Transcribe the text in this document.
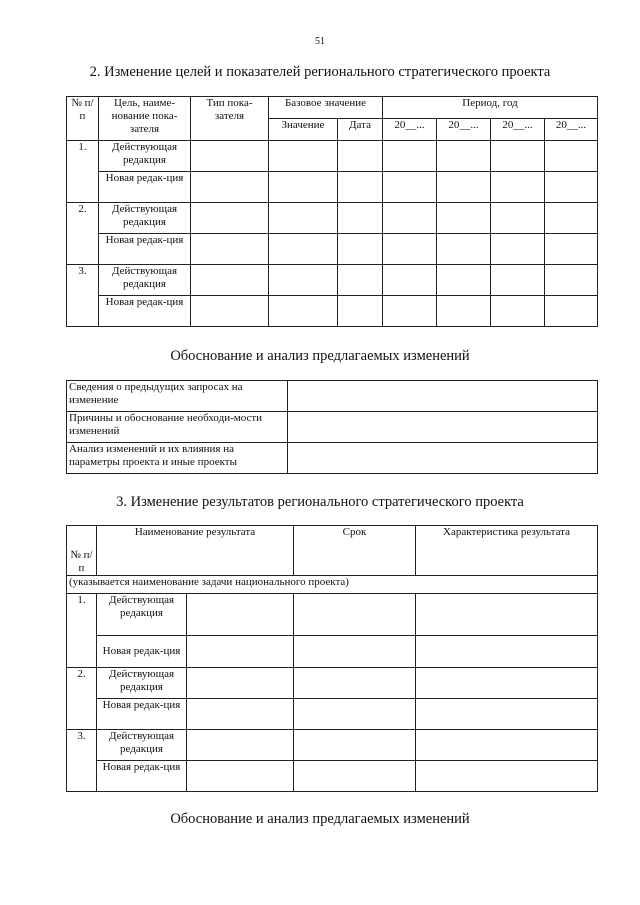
51
2. Изменение целей и показателей регионального стратегического проекта
№ п/п	Цель, наиме-нование пока-зателя	Тип пока-зателя	Базовое значение		Период, год			
			Значение	Дата	20__...	20__...	20__...	20__...
1.	Действующая редакция							
	Новая редак-ция							
2.	Действующая редакция							
	Новая редак-ция							
3.	Действующая редакция							
	Новая редак-ция							
Обоснование и анализ предлагаемых изменений
Сведения о предыдущих запросах на изменение	
Причины и обоснование необходи-мости изменений	
Анализ изменений и их влияния на параметры проекта и иные проекты	
3. Изменение результатов регионального стратегического проекта
№ п/п	Наименование результата		Срок	Характеристика результата
(указывается наименование задачи национального проекта)				
1.	Действующая редакция			
	Новая редак-ция			
2.	Действующая редакция			
	Новая редак-ция			
3.	Действующая редакция			
	Новая редак-ция			
Обоснование и анализ предлагаемых изменений
